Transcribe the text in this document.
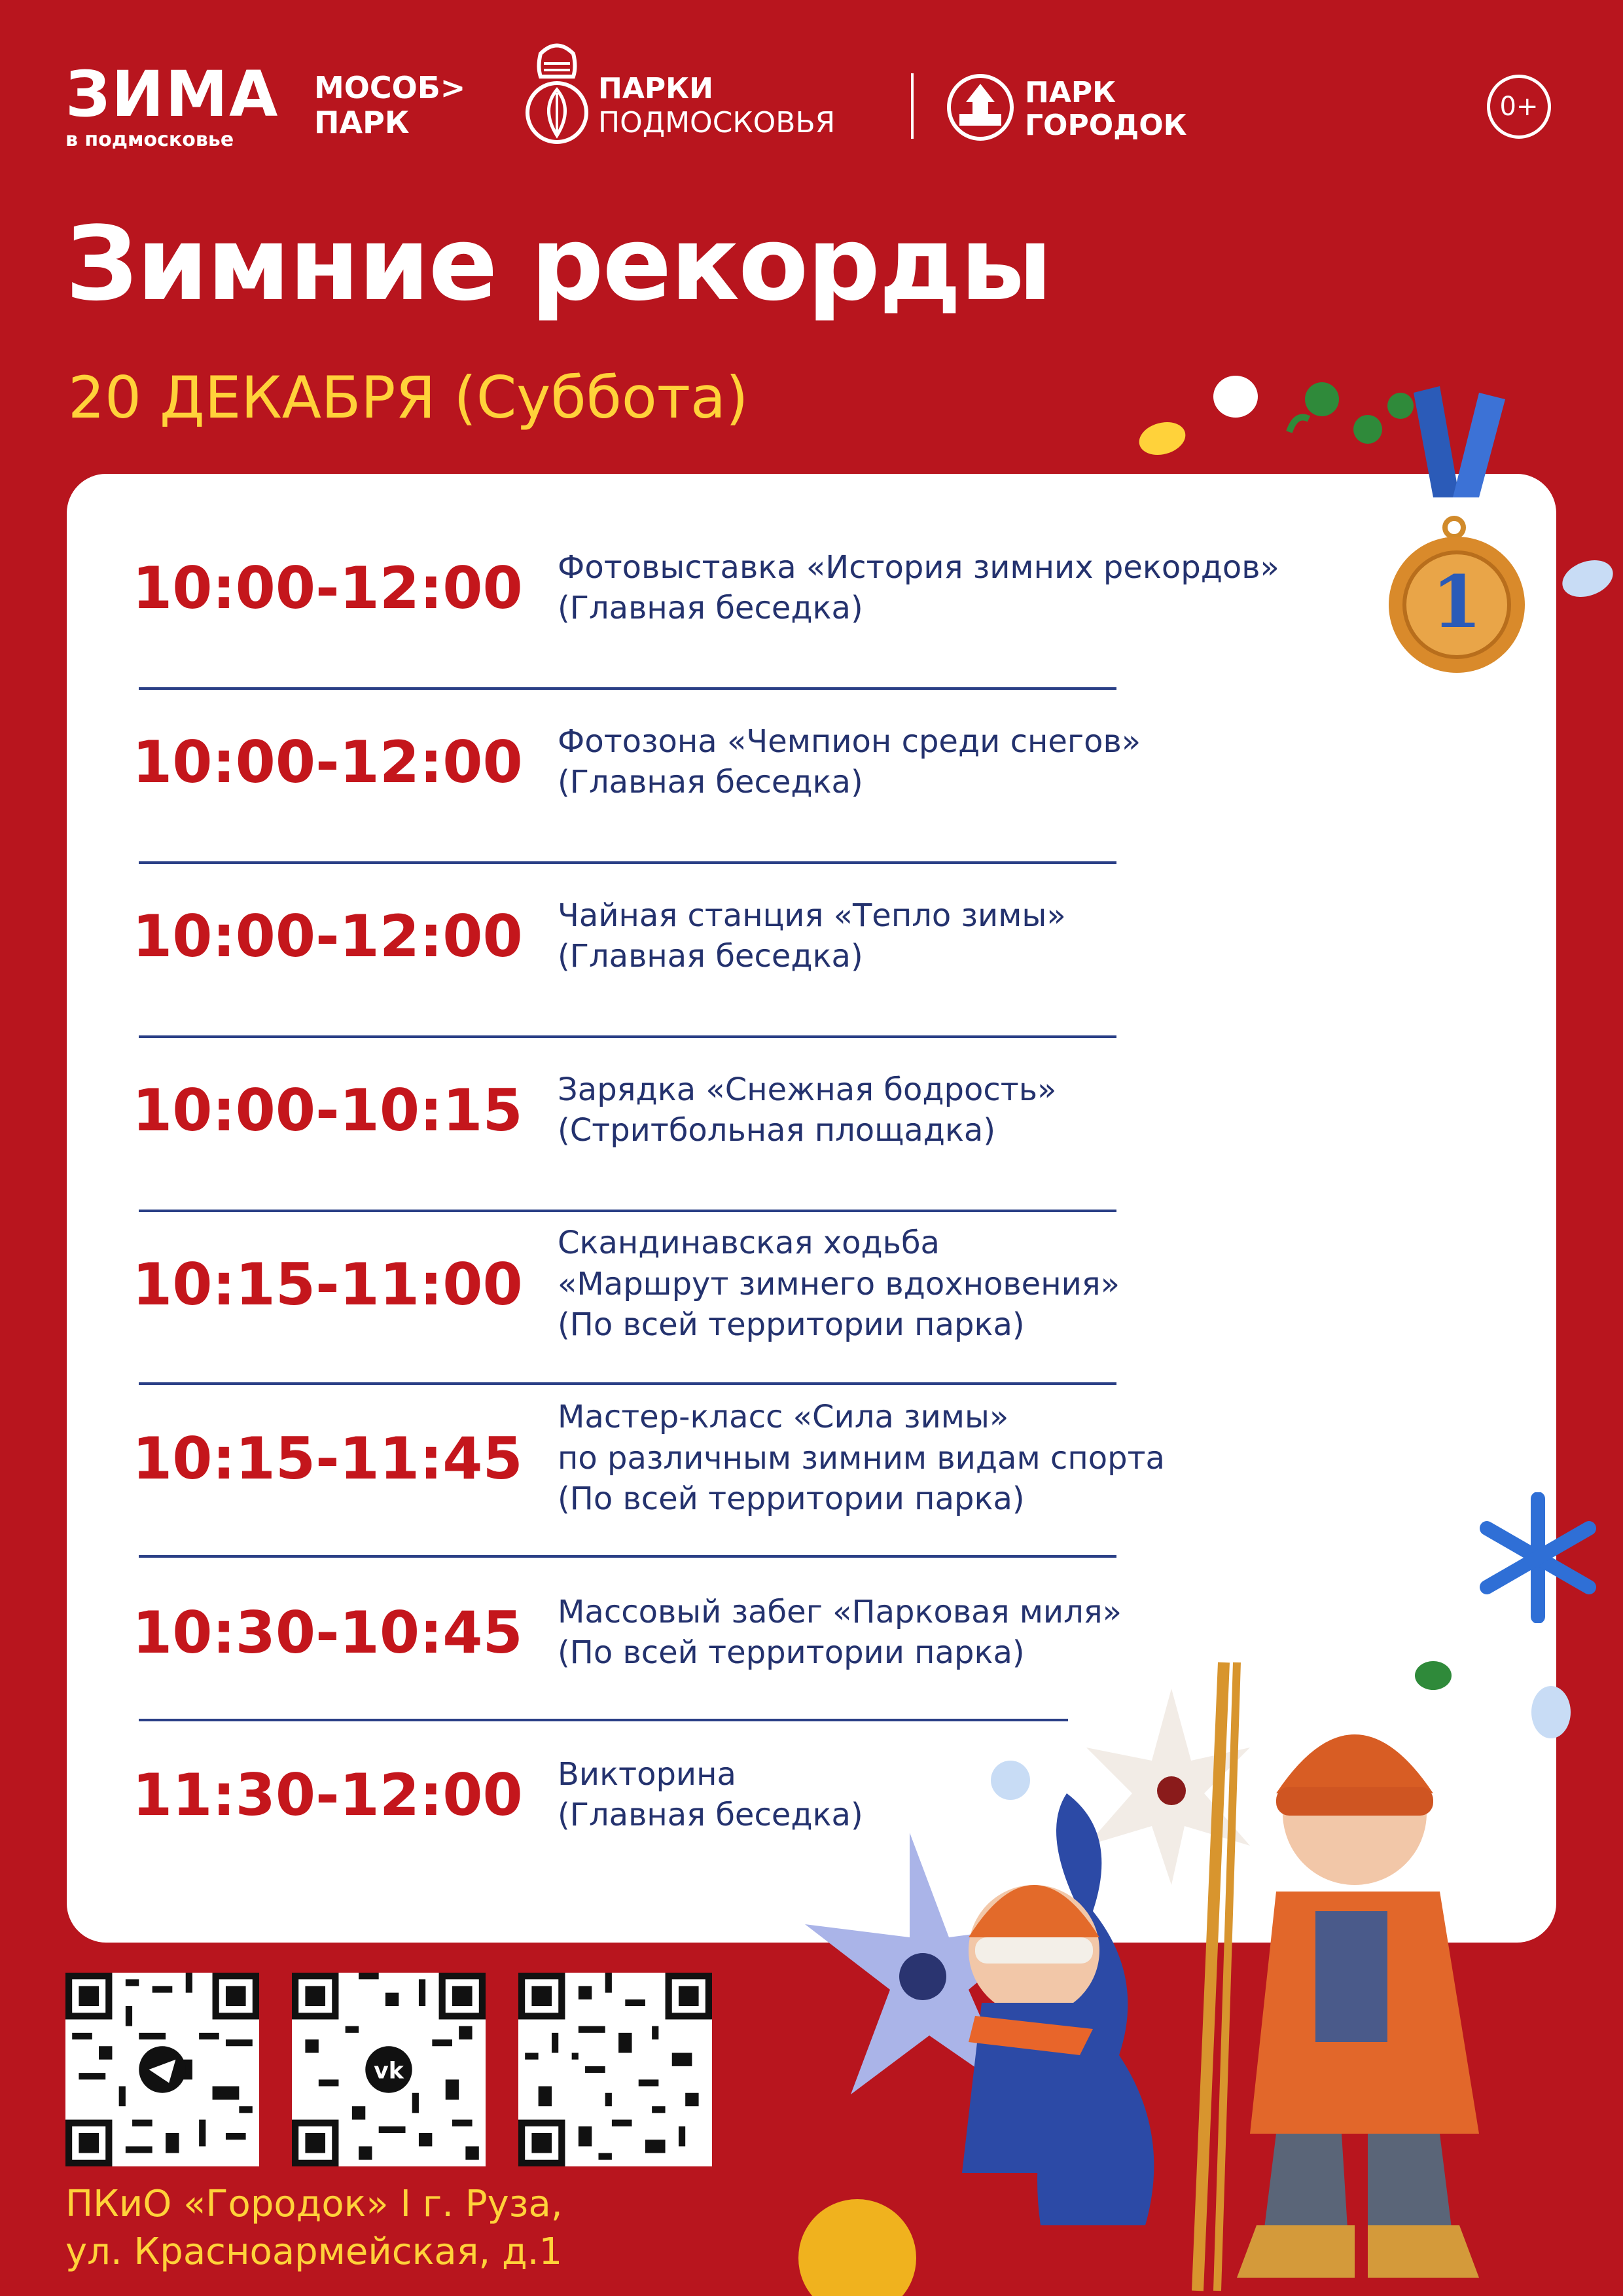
ЗИМА
в подмосковье
МОСОБ>
ПАРК
ПАРКИ
ПОДМОСКОВЬЯ
ПАРК
ГОРОДОК
0+
Зимние рекорды
20 ДЕКАБРЯ (Суббота)
10:00-12:00 Фотовыставка «История зимних рекордов»
(Главная беседка)
10:00-12:00 Фотозона «Чемпион среди снегов»
(Главная беседка)
10:00-12:00 Чайная станция «Тепло зимы»
(Главная беседка)
10:00-10:15 Зарядка «Снежная бодрость»
(Стритбольная площадка)
10:15-11:00
Скандинавская ходьба
«Маршрут зимнего вдохновения»
(По всей территории парка)
10:15-11:45
Мастер-класс «Сила зимы»
по различным зимним видам спорта
(По всей территории парка)
10:30-10:45 Массовый забег «Парковая миля»
(По всей территории парка)
11:30-12:00 Викторина
(Главная беседка)
1
vk
ПКиО «Городок» I г. Руза,
ул. Красноармейская, д.1
